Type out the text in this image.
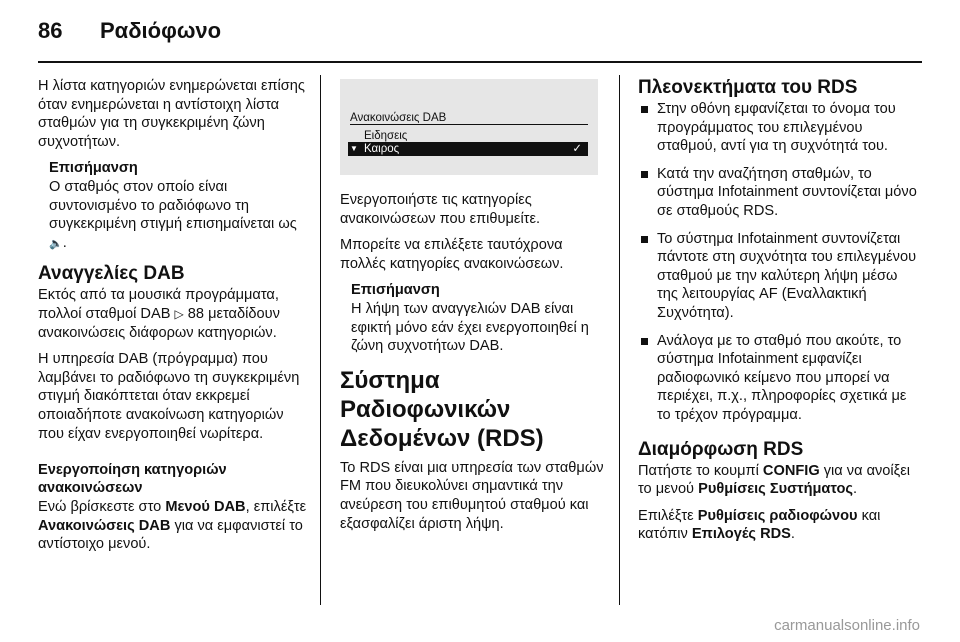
86 Ραδιόφωνο

Η λίστα κατηγοριών ενημερώνεται επίσης όταν ενημερώνεται η αντίστοιχη λίστα σταθμών για τη συγκεκριμένη ζώνη συχνοτήτων.

Επισήμανση
Ο σταθμός στον οποίο είναι συντονισμένο το ραδιόφωνο τη συγκεκριμένη στιγμή επισημαίνεται ως 🔈.
Αναγγελίες DAB

Εκτός από τα μουσικά προγράμματα, πολλοί σταθμοί DAB ▷ 88 μεταδίδουν ανακοινώσεις διάφορων κατηγοριών.

Η υπηρεσία DAB (πρόγραμμα) που λαμβάνει το ραδιόφωνο τη συγκεκριμένη στιγμή διακόπτεται όταν εκκρεμεί οποιαδήποτε ανακοίνωση κατηγοριών που είχαν ενεργοποιηθεί νωρίτερα.

Ενεργοποίηση κατηγοριών ανακοινώσεων

Ενώ βρίσκεστε στο Μενού DAB, επιλέξτε Ανακοινώσεις DAB για να εμφανιστεί το αντίστοιχο μενού.

Ανακοινώσεις DAB
Ειδησεις
▼ Καιρος	✓

Ενεργοποιήστε τις κατηγορίες ανακοινώσεων που επιθυμείτε.

Μπορείτε να επιλέξετε ταυτόχρονα πολλές κατηγορίες ανακοινώσεων.

Επισήμανση
Η λήψη των αναγγελιών DAB είναι εφικτή μόνο εάν έχει ενεργοποιηθεί η ζώνη συχνοτήτων DAB.
Σύστημα Ραδιοφωνικών Δεδομένων (RDS)

Το RDS είναι μια υπηρεσία των σταθμών FM που διευκολύνει σημαντικά την ανεύρεση του επιθυμητού σταθμού και εξασφαλίζει άριστη λήψη.

Πλεονεκτήματα του RDS
Στην οθόνη εμφανίζεται το όνομα του προγράμματος του επιλεγμένου σταθμού, αντί για τη συχνότητά του.
Κατά την αναζήτηση σταθμών, το σύστημα Infotainment συντονίζεται μόνο σε σταθμούς RDS.
Το σύστημα Infotainment συντονίζεται πάντοτε στη συχνότητα του επιλεγμένου σταθμού με την καλύτερη λήψη μέσω της λειτουργίας AF (Εναλλακτική Συχνότητα).
Ανάλογα με το σταθμό που ακούτε, το σύστημα Infotainment εμφανίζει ραδιοφωνικό κείμενο που μπορεί να περιέχει, π.χ., πληροφορίες σχετικά με το τρέχον πρόγραμμα.
Διαμόρφωση RDS

Πατήστε το κουμπί CONFIG για να ανοίξει το μενού Ρυθμίσεις Συστήματος.

Επιλέξτε Ρυθμίσεις ραδιοφώνου και κατόπιν Επιλογές RDS.

carmanualsonline.info
